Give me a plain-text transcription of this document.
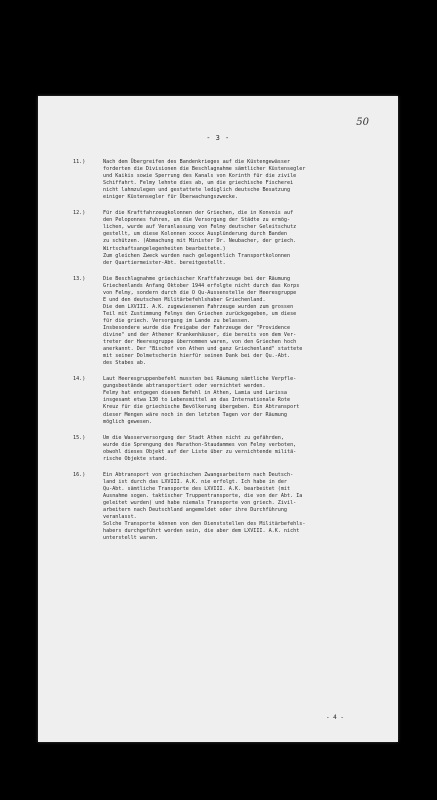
50
- 3 -
11.)	Nach dem Übergreifen des Bandenkrieges auf die Küstengewässer
forderten die Divisionen die Beschlagnahme sämtlicher Küstensegler
und Kaikis sowie Sperrung des Kanals von Korinth für die zivile
Schiffahrt. Felmy lehnte dies ab, um die griechische Fischerei
nicht lahmzulegen und gestattete lediglich deutsche Besatzung
einiger Küstensegler für Überwachungszwecke.
12.)	Für die Kraftfahrzeugkolonnen der Griechen, die in Konvois auf
den Peloponnes fuhren, um die Versorgung der Städte zu ermög-
lichen, wurde auf Veranlassung von Felmy deutscher Geleitschutz
gestellt, um diese Kolonnen xxxxx Ausplünderung durch Banden
zu schützen. (Abmachung mit Minister Dr. Neubacher, der griech.
Wirtschaftsangelegenheiten bearbeitete.)
Zum gleichen Zweck wurden nach gelegentlich Transportkolonnen
der Quartiermeister-Abt. bereitgestellt.
13.)	Die Beschlagnahme griechischer Kraftfahrzeuge bei der Räumung
Griechenlands Anfang Oktober 1944 erfolgte nicht durch das Korps
von Felmy, sondern durch die O Qu-Aussenstelle der Heeresgruppe
E und den deutschen Militärbefehlshaber Griechenland.
Die dem LXVIII. A.K. zugewiesenen Fahrzeuge wurden zum grossen
Teil mit Zustimmung Felmys den Griechen zurückgegeben, um diese
für die griech. Versorgung im Lande zu belassen.
Insbesondere wurde die Freigabe der Fahrzeuge der "Providence
divine" und der Athener Krankenhäuser, die bereits von dem Ver-
treter der Heeresgruppe übernommen waren, von den Griechen hoch
anerkannt. Der "Bischof von Athen und ganz Griechenland" stattete
mit seiner Dolmetscherin hierfür seinen Dank bei der Qu.-Abt.
des Stabes ab.
14.)	Laut Heeresgruppenbefehl mussten bei Räumung sämtliche Verpfle-
gungsbestände abtransportiert oder vernichtet werden.
Felmy hat entgegen diesem Befehl in Athen, Lamia und Larissa
insgesamt etwa 130 to Lebensmittel an das Internationale Rote
Kreuz für die griechische Bevölkerung übergeben. Ein Abtransport
dieser Mengen wäre noch in den letzten Tagen vor der Räumung
möglich gewesen.
15.)	Um die Wasserversorgung der Stadt Athen nicht zu gefährden,
wurde die Sprengung des Marathon-Staudammes von Felmy verboten,
obwohl dieses Objekt auf der Liste über zu vernichtende militä-
rische Objekte stand.
16.)	Ein Abtransport von griechischen Zwangsarbeitern nach Deutsch-
land ist durch das LXVIII. A.K. nie erfolgt. Ich habe in der
Qu-Abt. sämtliche Transporte des LXVIII. A.K. bearbeitet (mit
Ausnahme sogen. taktischer Truppentransporte, die von der Abt. Ia
geleitet wurden) und habe niemals Transporte von griech. Zivil-
arbeitern nach Deutschland angemeldet oder ihre Durchführung
veranlasst.
Solche Transporte können von den Dienststellen des Militärbefehls-
habers durchgeführt worden sein, die aber dem LXVIII. A.K. nicht
unterstellt waren.
- 4 -
